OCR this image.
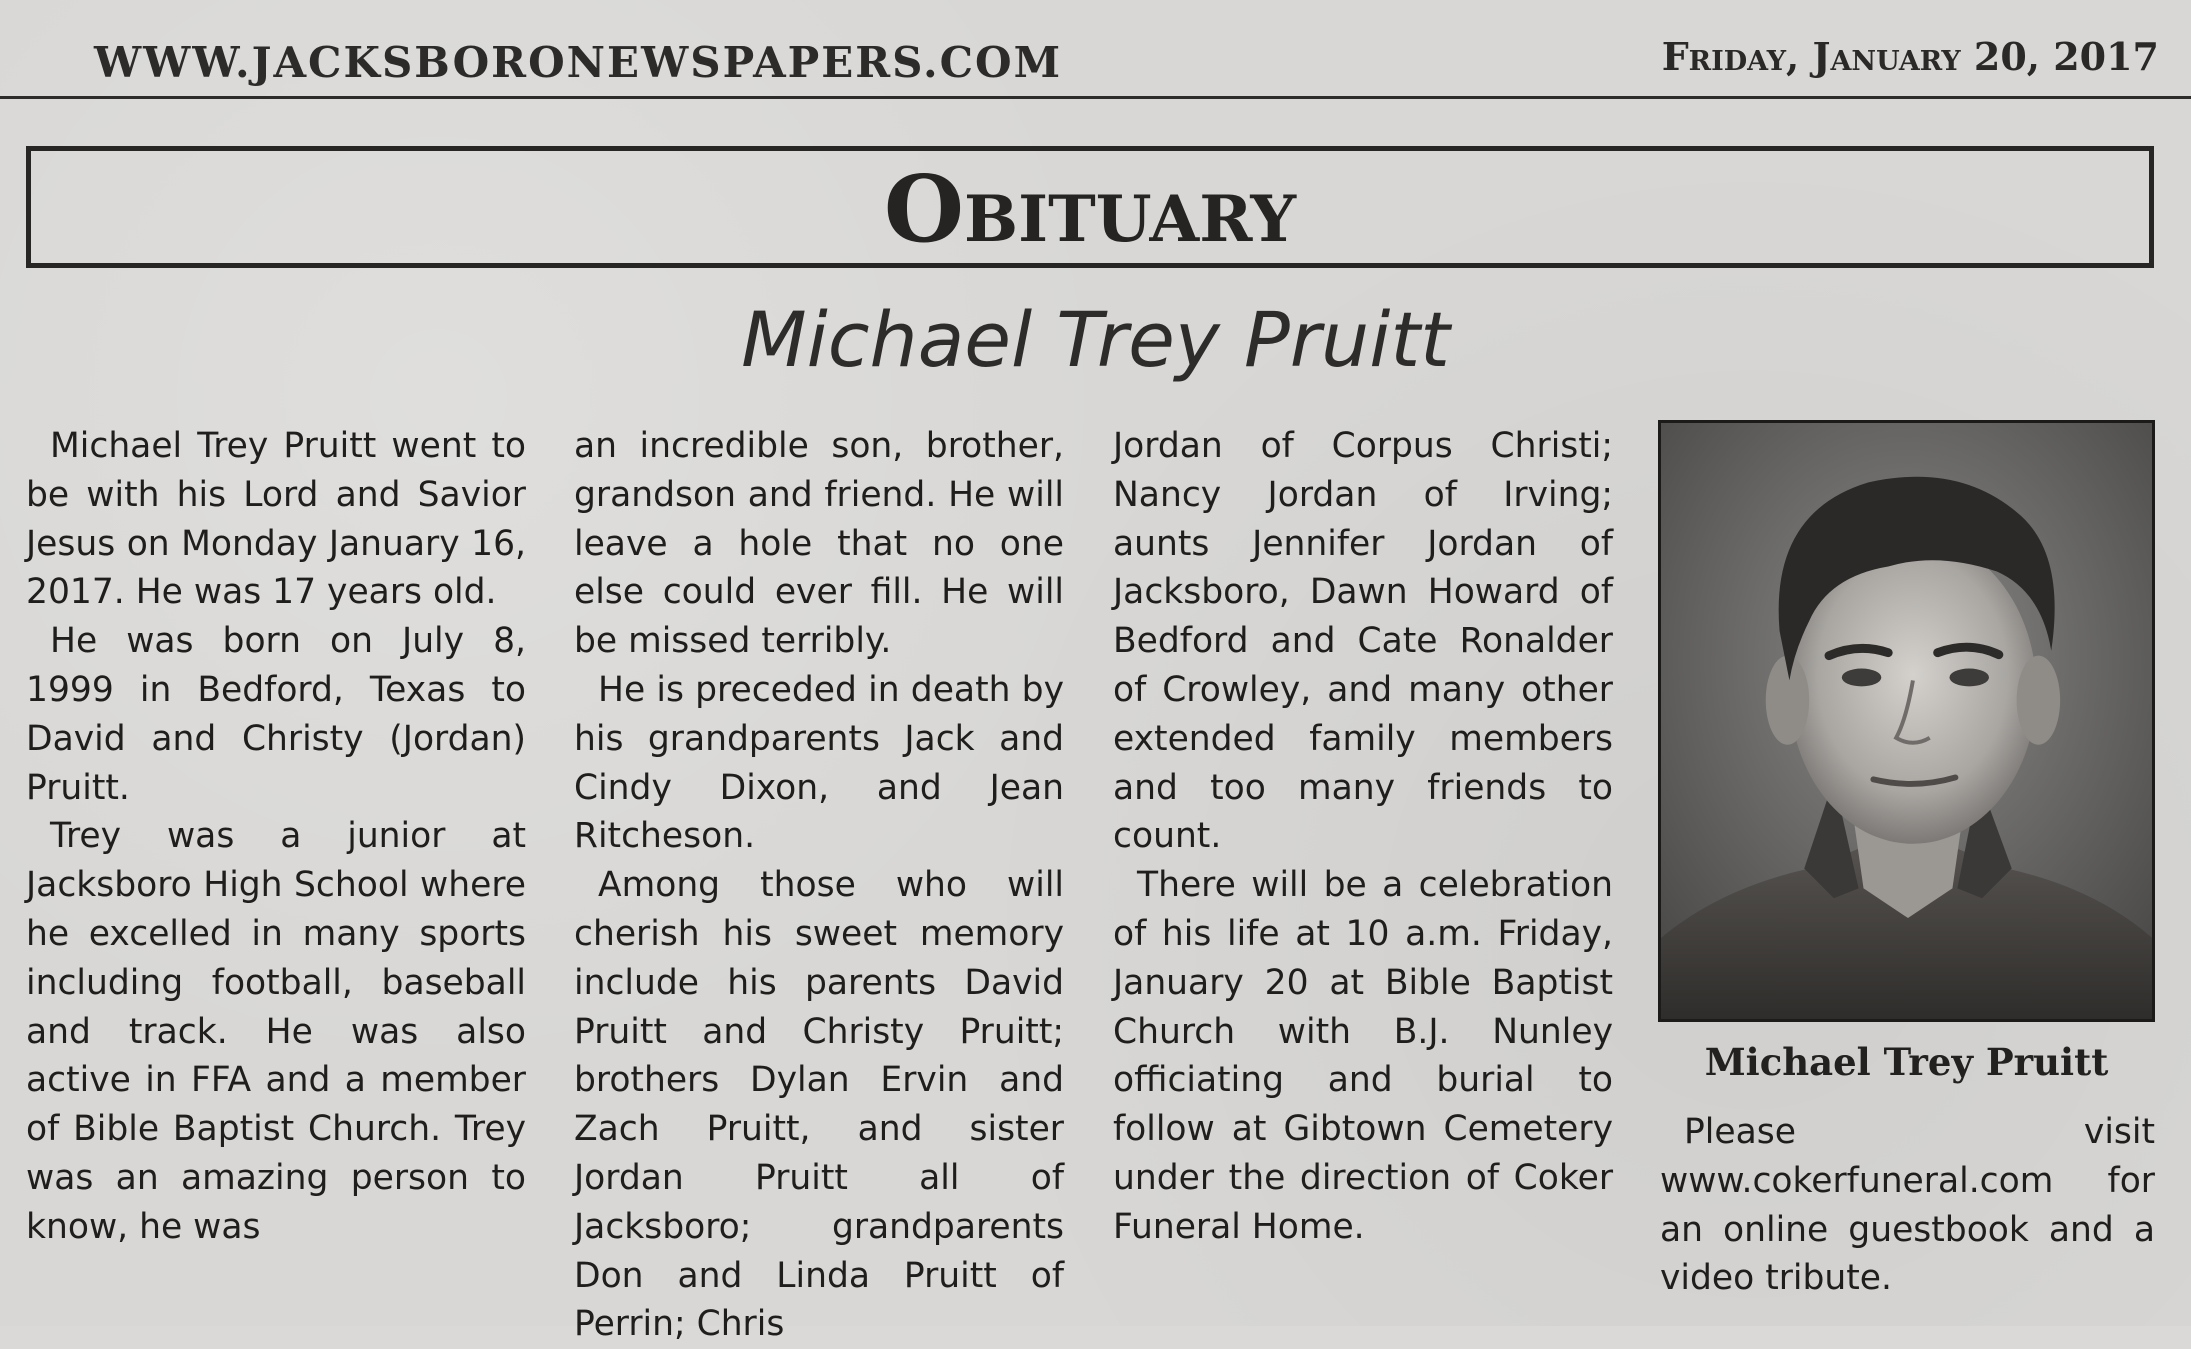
WWW.JACKSBORONEWSPAPERS.COM	Friday, January 20, 2017
Obituary
Michael Trey Pruitt

Michael Trey Pruitt went to be with his Lord and Savior Jesus on Monday January 16, 2017. He was 17 years old.

He was born on July 8, 1999 in Bedford, Texas to David and Christy (Jordan) Pruitt.

Trey was a junior at Jacksboro High School where he excelled in many sports including football, baseball and track. He was also active in FFA and a member of Bible Baptist Church. Trey was an amazing person to know, he was

an incredible son, brother, grandson and friend. He will leave a hole that no one else could ever fill. He will be missed terribly.

He is preceded in death by his grandparents Jack and Cindy Dixon, and Jean Ritcheson.

Among those who will cherish his sweet memory include his parents David Pruitt and Christy Pruitt; brothers Dylan Ervin and Zach Pruitt, and sister Jordan Pruitt all of Jacksboro; grandparents Don and Linda Pruitt of Perrin; Chris

Jordan of Corpus Christi; Nancy Jordan of Irving; aunts Jennifer Jordan of Jacksboro, Dawn Howard of Bedford and Cate Ronalder of Crowley, and many other extended family members and too many friends to count.

There will be a celebration of his life at 10 a.m. Friday, January 20 at Bible Baptist Church with B.J. Nunley officiating and burial to follow at Gibtown Cemetery under the direction of Coker Funeral Home.

Michael Trey Pruitt

Please visit www.cokerfuneral.com for an online guestbook and a video tribute.
